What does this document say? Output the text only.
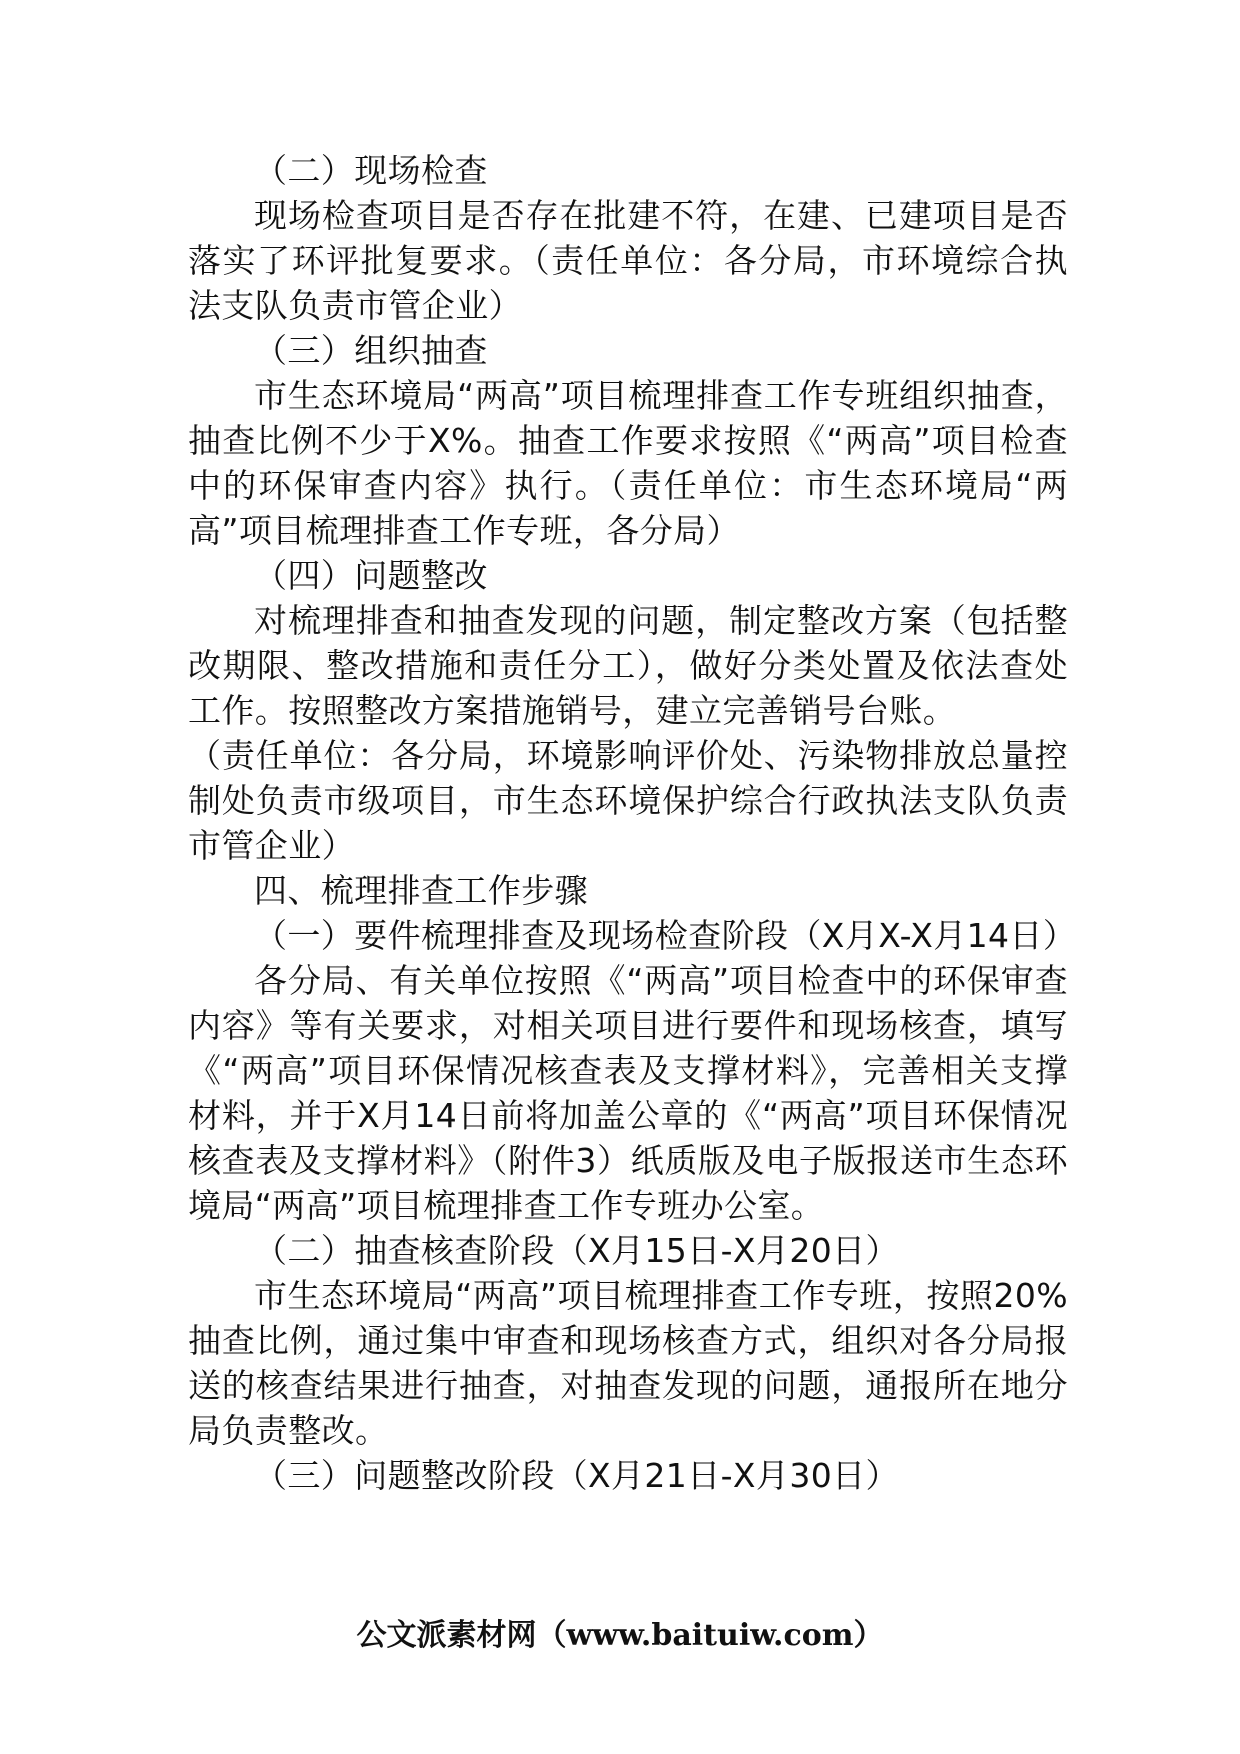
（二）现场检查

现场检查项目是否存在批建不符，在建、已建项目是否落实了环评批复要求。（责任单位：各分局，市环境综合执法支队负责市管企业）

（三）组织抽查

市生态环境局“两高”项目梳理排查工作专班组织抽查，抽查比例不少于X%。抽查工作要求按照《“两高”项目检查中的环保审查内容》执行。（责任单位：市生态环境局“两高”项目梳理排查工作专班，各分局）

（四）问题整改

对梳理排查和抽查发现的问题，制定整改方案（包括整改期限、整改措施和责任分工），做好分类处置及依法查处工作。按照整改方案措施销号，建立完善销号台账。

（责任单位：各分局，环境影响评价处、污染物排放总量控制处负责市级项目，市生态环境保护综合行政执法支队负责市管企业）

四、梳理排查工作步骤

（一）要件梳理排查及现场检查阶段（X月X-X月14日）

各分局、有关单位按照《“两高”项目检查中的环保审查内容》等有关要求，对相关项目进行要件和现场核查，填写《“两高”项目环保情况核查表及支撑材料》，完善相关支撑材料，并于X月14日前将加盖公章的《“两高”项目环保情况核查表及支撑材料》（附件3）纸质版及电子版报送市生态环境局“两高”项目梳理排查工作专班办公室。

（二）抽查核查阶段（X月15日-X月20日）

市生态环境局“两高”项目梳理排查工作专班，按照20%抽查比例，通过集中审查和现场核查方式，组织对各分局报送的核查结果进行抽查，对抽查发现的问题，通报所在地分局负责整改。

（三）问题整改阶段（X月21日-X月30日）

公文派素材网（www.baituiw.com）
